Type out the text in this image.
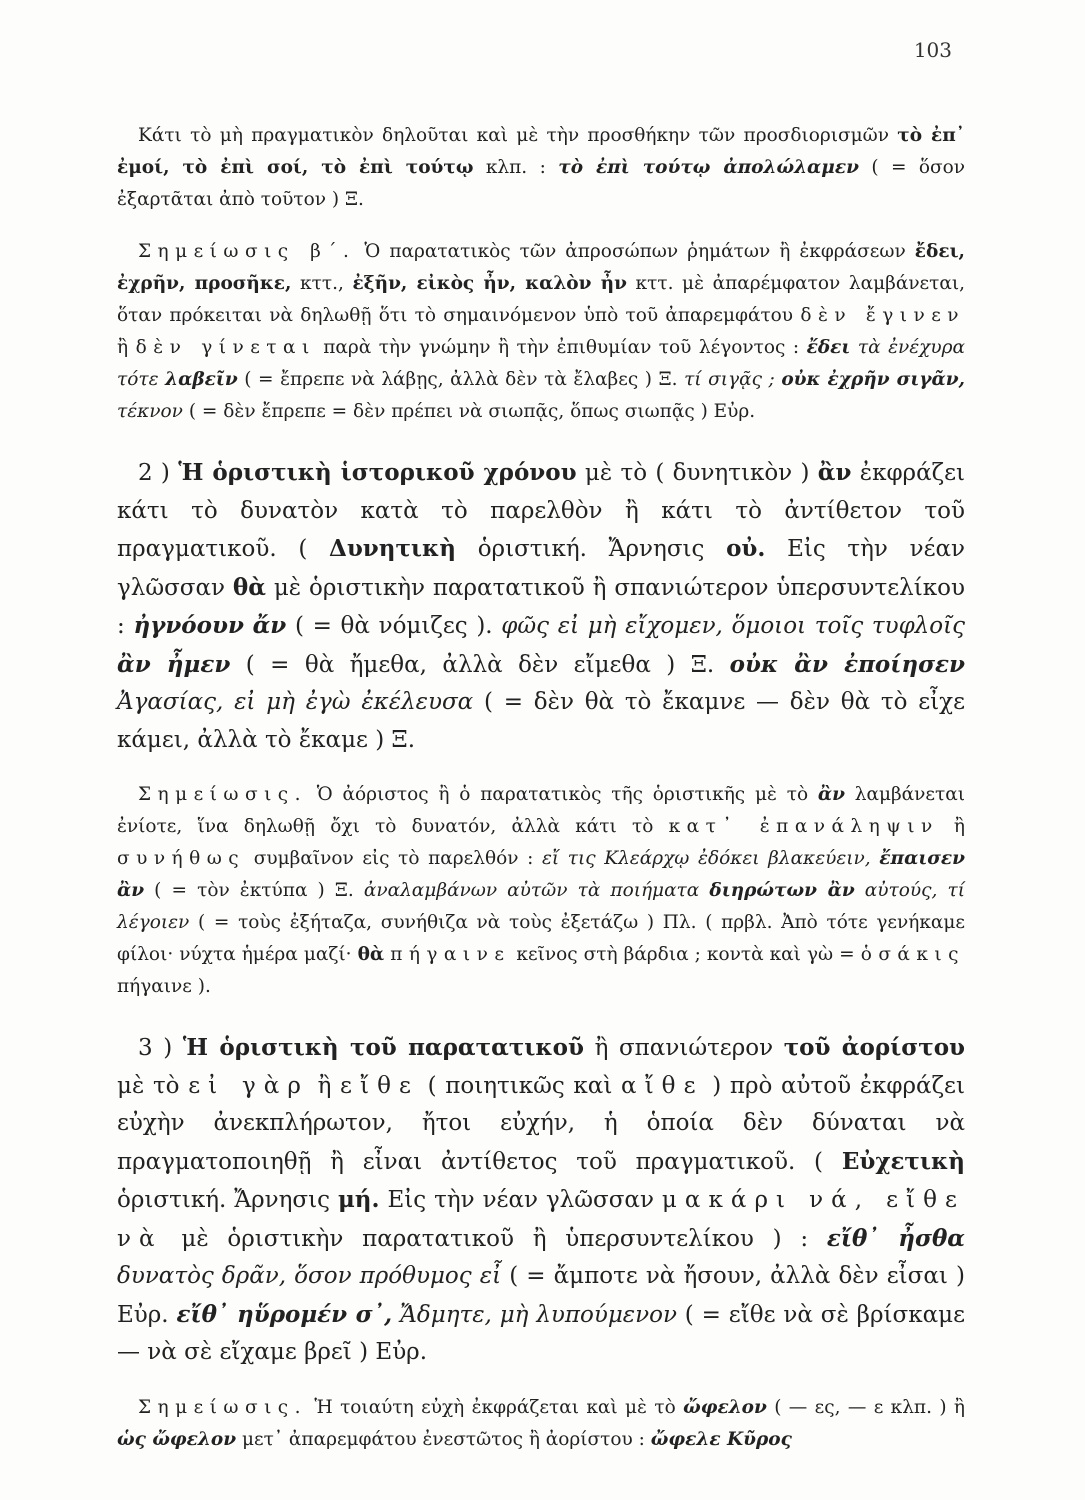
103

Κάτι τὸ μὴ πραγματικὸν δηλοῦται καὶ μὲ τὴν προσθήκην τῶν προσδιορισμῶν τὸ ἐπ᾿ ἐμοί, τὸ ἐπὶ σοί, τὸ ἐπὶ τούτῳ κλπ. : τὸ ἐπὶ τούτῳ ἀπολώλαμεν ( = ὅσον ἐξαρτᾶται ἀπὸ τοῦτον ) Ξ.

Σημείωσις β΄. Ὁ παρατατικὸς τῶν ἀπροσώπων ῥημάτων ἢ ἐκφράσεων ἔδει, ἐχρῆν, προσῆκε, κττ., ἐξῆν, εἰκὸς ἦν, καλὸν ἦν κττ. μὲ ἀπαρέμφατον λαμβάνεται, ὅταν πρόκειται νὰ δηλωθῇ ὅτι τὸ σημαινόμενον ὑπὸ τοῦ ἀπαρεμφάτου δὲν ἔγινεν ἢ δὲν γίνεται παρὰ τὴν γνώμην ἢ τὴν ἐπιθυμίαν τοῦ λέγοντος : ἔδει τὰ ἐνέχυρα τότε λαβεῖν ( = ἔπρεπε νὰ λάβῃς, ἀλλὰ δὲν τὰ ἔλαβες ) Ξ. τί σιγᾷς ; οὐκ ἐχρῆν σιγᾶν, τέκνον ( = δὲν ἔπρεπε = δὲν πρέπει νὰ σιωπᾷς, ὅπως σιωπᾷς ) Εὐρ.

2 ) Ἡ ὁριστικὴ ἱστορικοῦ χρόνου μὲ τὸ ( δυνητικὸν ) ἂν ἐκφράζει κάτι τὸ δυνατὸν κατὰ τὸ παρελθὸν ἢ κάτι τὸ ἀντίθετον τοῦ πραγματικοῦ. ( Δυνητικὴ ὁριστική. Ἄρνησις οὐ. Εἰς τὴν νέαν γλῶσσαν θὰ μὲ ὁριστικὴν παρατατικοῦ ἢ σπανιώτερον ὑπερσυντελίκου : ἠγνόουν ἄν ( = θὰ νόμιζες ). φῶς εἰ μὴ εἴχομεν, ὅμοιοι τοῖς τυφλοῖς ἂν ἦμεν ( = θὰ ἤμεθα, ἀλλὰ δὲν εἴμεθα ) Ξ. οὐκ ἂν ἐποίησεν Ἀγασίας, εἰ μὴ ἐγὼ ἐκέλευσα ( = δὲν θὰ τὸ ἔκαμνε — δὲν θὰ τὸ εἶχε κάμει, ἀλλὰ τὸ ἔκαμε ) Ξ.

Σημείωσις. Ὁ ἀόριστος ἢ ὁ παρατατικὸς τῆς ὁριστικῆς μὲ τὸ ἂν λαμβάνεται ἐνίοτε, ἵνα δηλωθῇ ὄχι τὸ δυνατόν, ἀλλὰ κάτι τὸ κατ᾿ ἐπανάληψιν ἢ συνήθως συμβαῖνον εἰς τὸ παρελθόν : εἴ τις Κλεάρχῳ ἐδόκει βλακεύειν, ἔπαισεν ἂν ( = τὸν ἐκτύπα ) Ξ. ἀναλαμβάνων αὐτῶν τὰ ποιήματα διηρώτων ἂν αὐτούς, τί λέγοιεν ( = τοὺς ἐξήταζα, συνήθιζα νὰ τοὺς ἐξετάζω ) Πλ. ( πρβλ. Ἀπὸ τότε γενήκαμε φίλοι· νύχτα ἡμέρα μαζί· θὰ πήγαινε κεῖνος στὴ βάρδια ; κοντὰ καὶ γὼ = ὁσάκις πήγαινε ).

3 ) Ἡ ὁριστικὴ τοῦ παρατατικοῦ ἢ σπανιώτερον τοῦ ἀορίστου μὲ τὸ εἰ γὰρ ἢ εἴθε ( ποιητικῶς καὶ αἴθε ) πρὸ αὐτοῦ ἐκφράζει εὐχὴν ἀνεκπλήρωτον, ἤτοι εὐχήν, ἡ ὁποία δὲν δύναται νὰ πραγματοποιηθῇ ἢ εἶναι ἀντίθετος τοῦ πραγματικοῦ. ( Εὐχετικὴ ὁριστική. Ἄρνησις μή. Εἰς τὴν νέαν γλῶσσαν μακάρι νά, εἴθε νὰ μὲ ὁριστικὴν παρατατικοῦ ἢ ὑπερσυντελίκου ) : εἴθ᾿ ἦσθα δυνατὸς δρᾶν, ὅσον πρόθυμος εἶ ( = ἄμποτε νὰ ἤσουν, ἀλλὰ δὲν εἶσαι ) Εὐρ. εἴθ᾿ ηὕρομέν σ᾿, Ἄδμητε, μὴ λυπούμενον ( = εἴθε νὰ σὲ βρίσκαμε — νὰ σὲ εἴχαμε βρεῖ ) Εὐρ.

Σημείωσις. Ἡ τοιαύτη εὐχὴ ἐκφράζεται καὶ μὲ τὸ ὤφελον ( — ες, — ε κλπ. ) ἢ ὡς ὤφελον μετ᾿ ἀπαρεμφάτου ἐνεστῶτος ἢ ἀορίστου : ὤφελε Κῦρος
